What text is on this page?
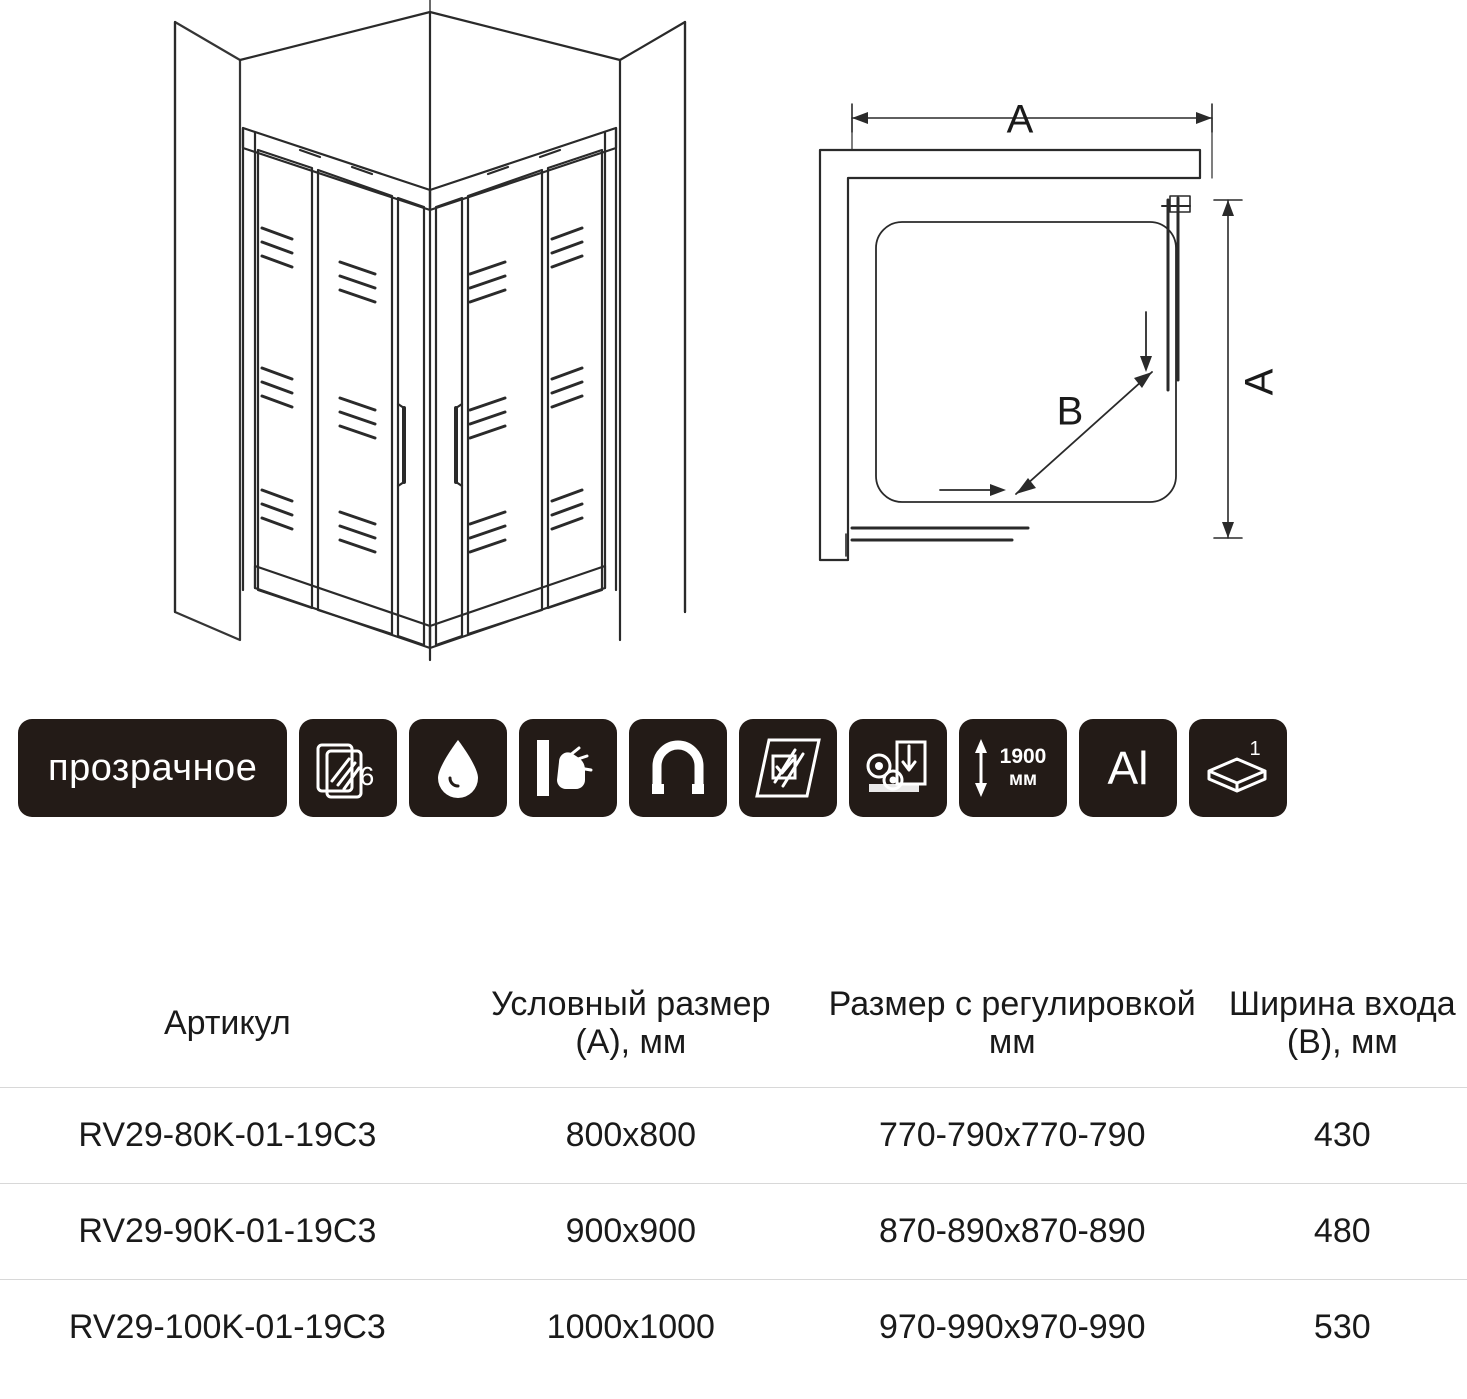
A
A
B
прозрачное	6
1900
мм Al	1
Артикул	Условный размер (A), мм	Размер с регулировкой мм	Ширина входа (B), мм
RV29-80K-01-19C3	800x800	770-790x770-790	430
RV29-90K-01-19C3	900x900	870-890x870-890	480
RV29-100K-01-19C3	1000x1000	970-990x970-990	530
